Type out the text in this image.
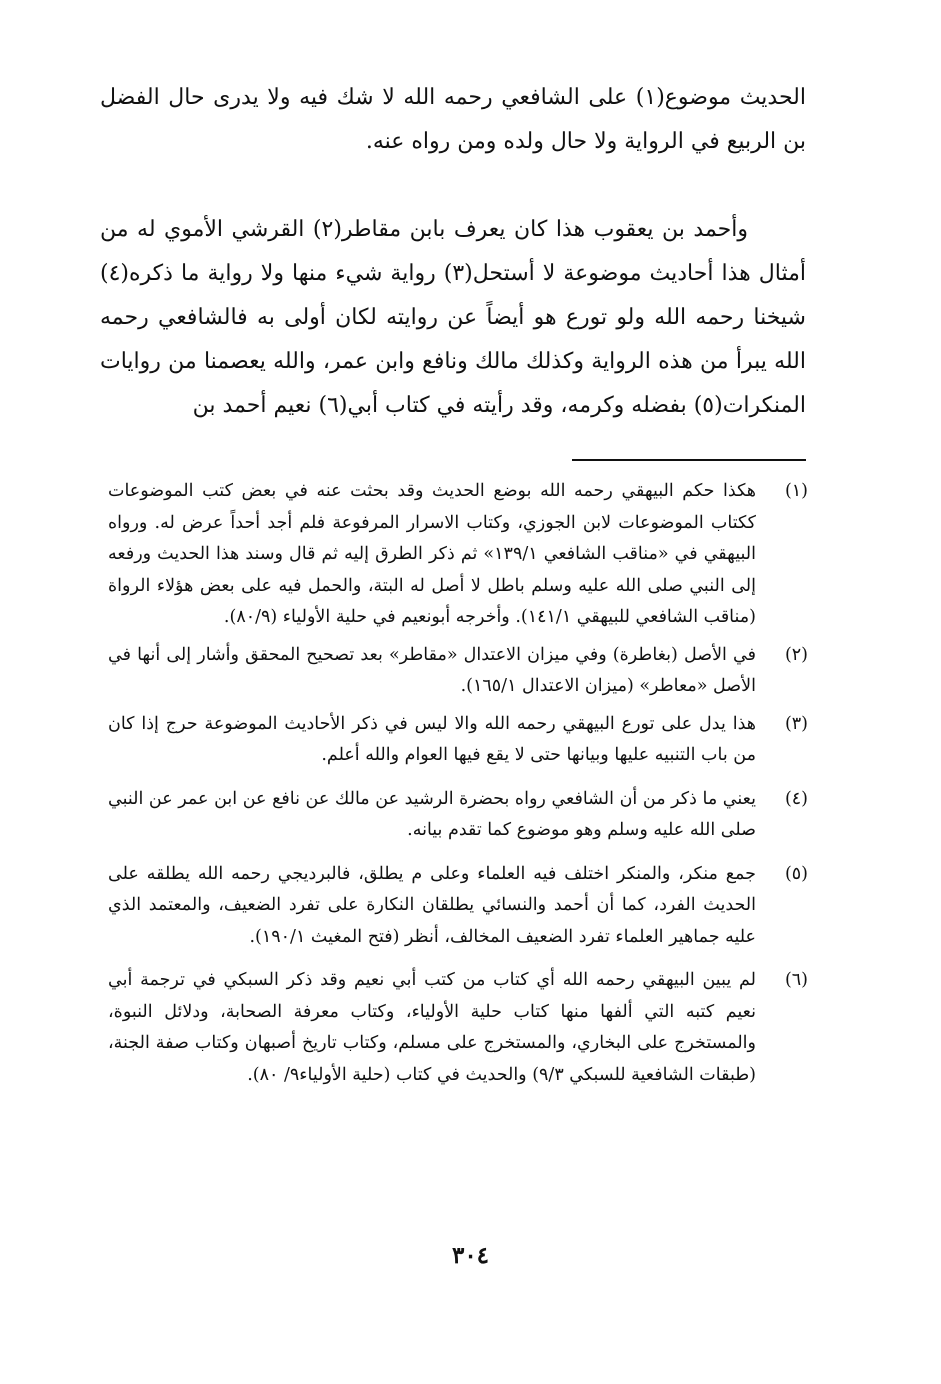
الحديث موضوع(١) على الشافعي رحمه الله لا شك فيه ولا يدرى حال الفضل بن الربيع في الرواية ولا حال ولده ومن رواه عنه.

وأحمد بن يعقوب هذا كان يعرف بابن مقاطر(٢) القرشي الأموي له من أمثال هذا أحاديث موضوعة لا أستحل(٣) رواية شيء منها ولا رواية ما ذكره(٤) شيخنا رحمه الله ولو تورع هو أيضاً عن روايته لكان أولى به فالشافعي رحمه الله يبرأ من هذه الرواية وكذلك مالك ونافع وابن عمر، والله يعصمنا من روايات المنكرات(٥) بفضله وكرمه، وقد رأيته في كتاب أبي(٦) نعيم أحمد بن

(١)
هكذا حكم البيهقي رحمه الله بوضع الحديث وقد بحثت عنه في بعض كتب الموضوعات ككتاب الموضوعات لابن الجوزي، وكتاب الاسرار المرفوعة فلم أجد أحداً عرض له. ورواه البيهقي في «مناقب الشافعي ١٣٩/١» ثم ذكر الطرق إليه ثم قال وسند هذا الحديث ورفعه إلى النبي صلى الله عليه وسلم باطل لا أصل له البتة، والحمل فيه على بعض هؤلاء الرواة (مناقب الشافعي للبيهقي ١٤١/١). وأخرجه أبونعيم في حلية الأولياء (٨٠/٩).
(٢)
في الأصل (بغاطرة) وفي ميزان الاعتدال «مقاطر» بعد تصحيح المحقق وأشار إلى أنها في الأصل «معاطر» (ميزان الاعتدال ١٦٥/١).
(٣)
هذا يدل على تورع البيهقي رحمه الله والا ليس في ذكر الأحاديث الموضوعة حرج إذا كان من باب التنبيه عليها وبيانها حتى لا يقع فيها العوام والله أعلم.
(٤)
يعني ما ذكر من أن الشافعي رواه بحضرة الرشيد عن مالك عن نافع عن ابن عمر عن النبي صلى الله عليه وسلم وهو موضوع كما تقدم بيانه.
(٥)
جمع منكر، والمنكر اختلف فيه العلماء وعلى م يطلق، فالبرديجي رحمه الله يطلقه على الحديث الفرد، كما أن أحمد والنسائي يطلقان النكارة على تفرد الضعيف، والمعتمد الذي عليه جماهير العلماء تفرد الضعيف المخالف، أنظر (فتح المغيث ١٩٠/١).
(٦)
لم يبين البيهقي رحمه الله أي كتاب من كتب أبي نعيم وقد ذكر السبكي في ترجمة أبي نعيم كتبه التي ألفها منها كتاب حلية الأولياء، وكتاب معرفة الصحابة، ودلائل النبوة، والمستخرج على البخاري، والمستخرج على مسلم، وكتاب تاريخ أصبهان وكتاب صفة الجنة، (طبقات الشافعية للسبكي ٩/٣) والحديث في كتاب (حلية الأولياء٩/ ٨٠).
٣٠٤
